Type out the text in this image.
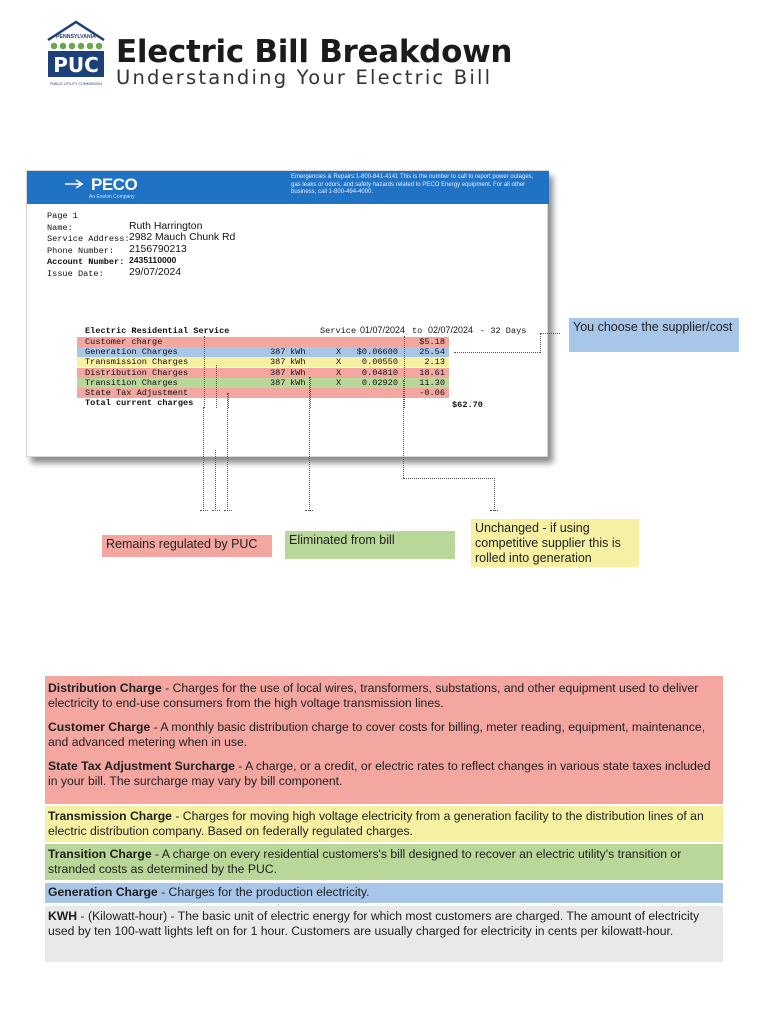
PENNSYLVANIA
PUC
PUBLIC UTILITY COMMISSION
Electric Bill Breakdown
Understanding Your Electric Bill
PECO
An Exelon Company
Emergencies & Repairs:1-800-841-4141 This is the number to call to report power outages, gas leaks or odors, and safety hazards related to PECO Energy equipment. For all other business, call 1-800-494-4000.
Page 1
Name:	Ruth Harrington
Service Address: 2982 Mauch Chunk Rd
Phone Number: 2156790213
Account Number: 2435110000
Issue Date: 29/07/2024
Electric Residential Service	Service 01/07/2024 to 02/07/2024 - 32 Days
Customer charge	$5.18
Generation Charges	387 kWh	X	$0.06600 25.54
Transmission Charges	387 kWh	X	0.00550	2.13
Distribution Charges	387 kWh	X	0.04810 18.61
Transition Charges	387 kWh	X	0.02920 11.30
State Tax Adjustment	-0.06
Total current charges	$62.70
You choose the supplier/cost
Remains regulated by PUC	Eliminated from bill
Unchanged - if using competitive supplier this is rolled into generation

Distribution Charge - Charges for the use of local wires, transformers, substations, and other equipment used to deliver electricity to end-use consumers from the high voltage transmission lines.

Customer Charge - A monthly basic distribution charge to cover costs for billing, meter reading, equipment, maintenance, and advanced metering when in use.

State Tax Adjustment Surcharge - A charge, or a credit, or electric rates to reflect changes in various state taxes included in your bill. The surcharge may vary by bill component.

Transmission Charge - Charges for moving high voltage electricity from a generation facility to the distribution lines of an electric distribution company. Based on federally regulated charges.

Transition Charge - A charge on every residential customers's bill designed to recover an electric utility's transition or stranded costs as determined by the PUC.

Generation Charge - Charges for the production electricity.

KWH - (Kilowatt-hour) - The basic unit of electric energy for which most customers are charged. The amount of electricity used by ten 100-watt lights left on for 1 hour. Customers are usually charged for electricity in cents per kilowatt-hour.
